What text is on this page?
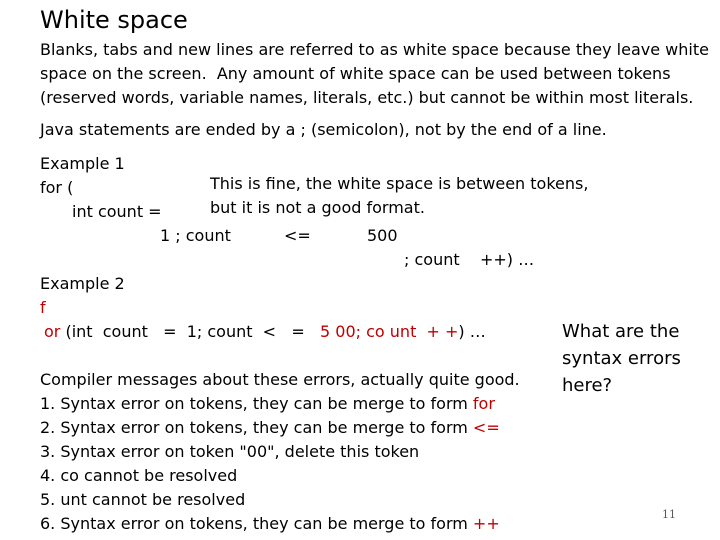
White space
Blanks, tabs and new lines are referred to as white space because they leave white
space on the screen.  Any amount of white space can be used between tokens
(reserved words, variable names, literals, etc.) but cannot be within most literals.
Java statements are ended by a ; (semicolon), not by the end of a line.
Example 1
for (
int count =
1 ; count	<=	500
; count    ++) …
This is fine, the white space is between tokens,
but it is not a good format.
Example 2
f
or (int  count   =  1; count  <   =   5 00; co unt  + +) …
Compiler messages about these errors, actually quite good.
1. Syntax error on tokens, they can be merge to form for
2. Syntax error on tokens, they can be merge to form <=
3. Syntax error on token "00", delete this token
4. co cannot be resolved
5. unt cannot be resolved
6. Syntax error on tokens, they can be merge to form ++
What are the syntax errors here?
11
